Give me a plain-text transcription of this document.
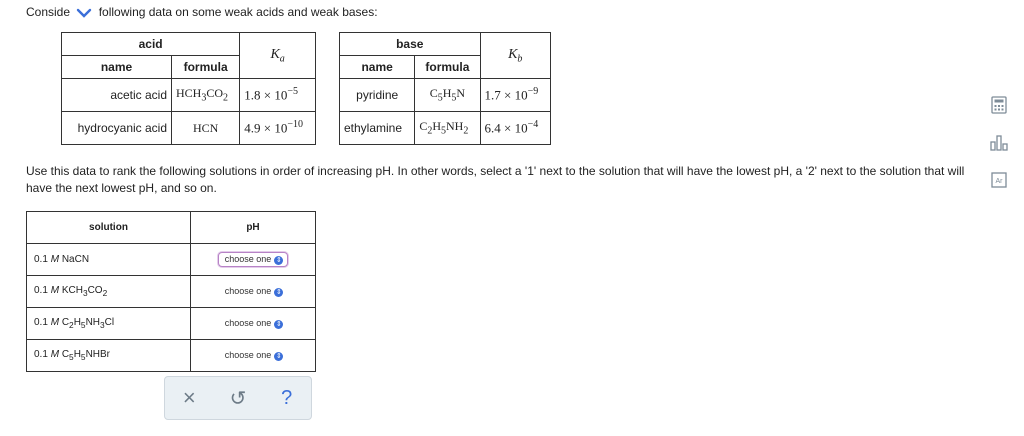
Conside following data on some weak acids and weak bases:
acid		$K_a$
name	formula	
acetic acid	$HCH_3CO_2$	$1.8 \times 10^{-5}$
hydrocyanic acid	HCN	$4.9 \times 10^{-10}$
base		$K_b$
name	formula	
pyridine	$C_5H_5N$	$1.7 \times 10^{-9}$
ethylamine	$C_2H_5NH_2$	$6.4 \times 10^{-4}$
Use this data to rank the following solutions in order of increasing pH. In other words, select a '1' next to the solution that will have the lowest pH, a '2' next to the solution that will have the next lowest pH, and so on.
solution	pH
0.1 M NaCN	choose one ⇕
0.1 M $KCH_3CO_2$	choose one ⇕
0.1 M $C_2H_5NH_3Cl$	choose one ⇕
0.1 M $C_5H_5NHBr$	choose one ⇕
× ↺ ?
Ar
